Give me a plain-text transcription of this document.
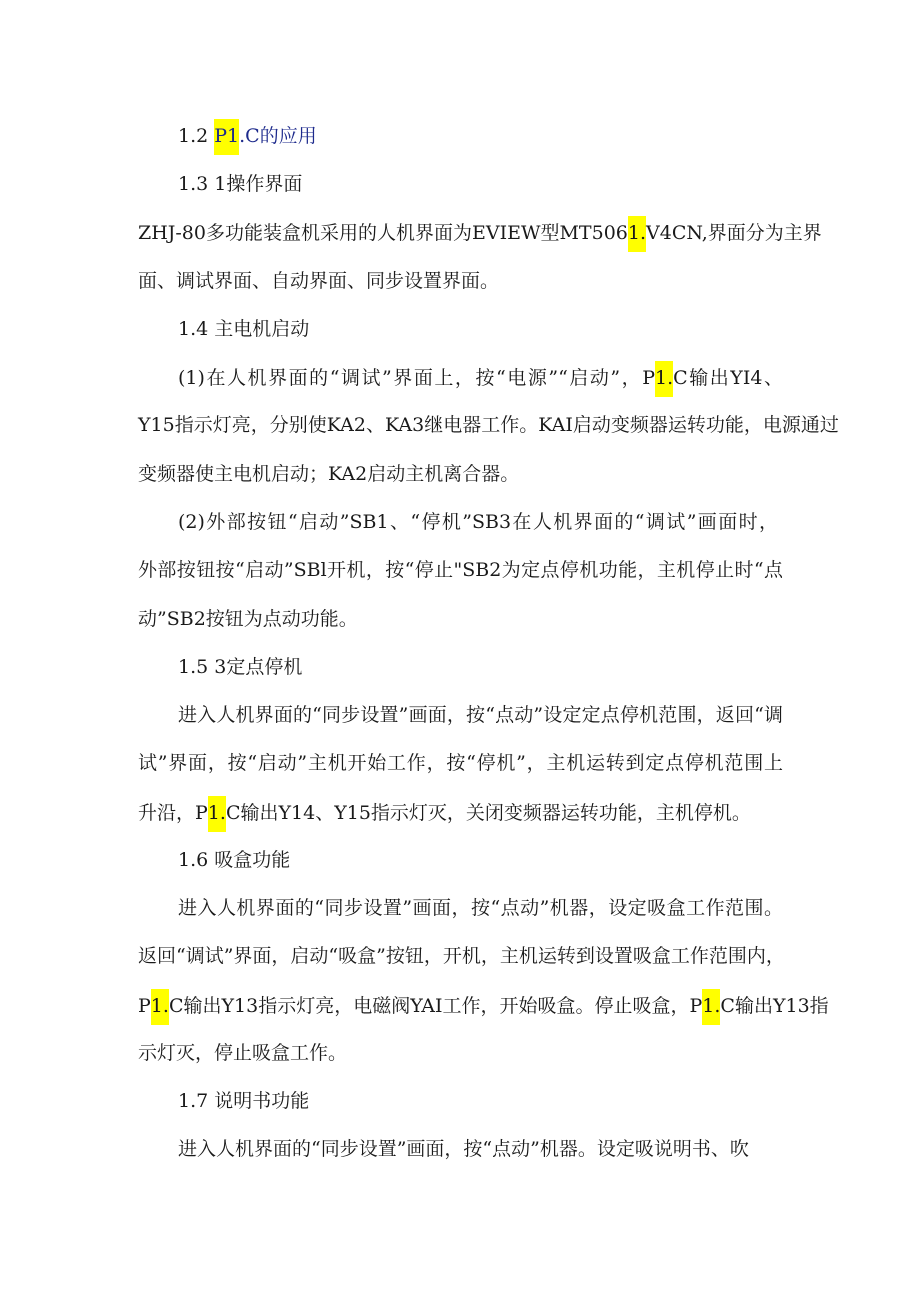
1.2 P1.C的应用
1.3 1操作界面
ZHJ-80多功能装盒机采用的人机界面为EVIEW型MT5061.V4CN,界面分为主界
面、调试界面、自动界面、同步设置界面。
1.4 主电机启动
(1)在人机界面的“调试”界面上，按“电源”“启动”，P1.C输出YI4、
Y15指示灯亮，分别使KA2、KA3继电器工作。KAI启动变频器运转功能，电源通过
变频器使主电机启动；KA2启动主机离合器。
(2)外部按钮“启动”SB1、“停机”SB3在人机界面的“调试”画面时，
外部按钮按“启动”SBl开机，按“停止"SB2为定点停机功能，主机停止时“点
动”SB2按钮为点动功能。
1.5 3定点停机
进入人机界面的“同步设置”画面，按“点动”设定定点停机范围，返回“调
试”界面，按“启动”主机开始工作，按“停机”，主机运转到定点停机范围上
升沿，P1.C输出Y14、Y15指示灯灭，关闭变频器运转功能，主机停机。
1.6 吸盒功能
进入人机界面的“同步设置”画面，按“点动”机器，设定吸盒工作范围。
返回“调试”界面，启动“吸盒”按钮，开机，主机运转到设置吸盒工作范围内，
P1.C输出Y13指示灯亮，电磁阀YAI工作，开始吸盒。停止吸盒，P1.C输出Y13指
示灯灭，停止吸盒工作。
1.7 说明书功能
进入人机界面的“同步设置”画面，按“点动”机器。设定吸说明书、吹
